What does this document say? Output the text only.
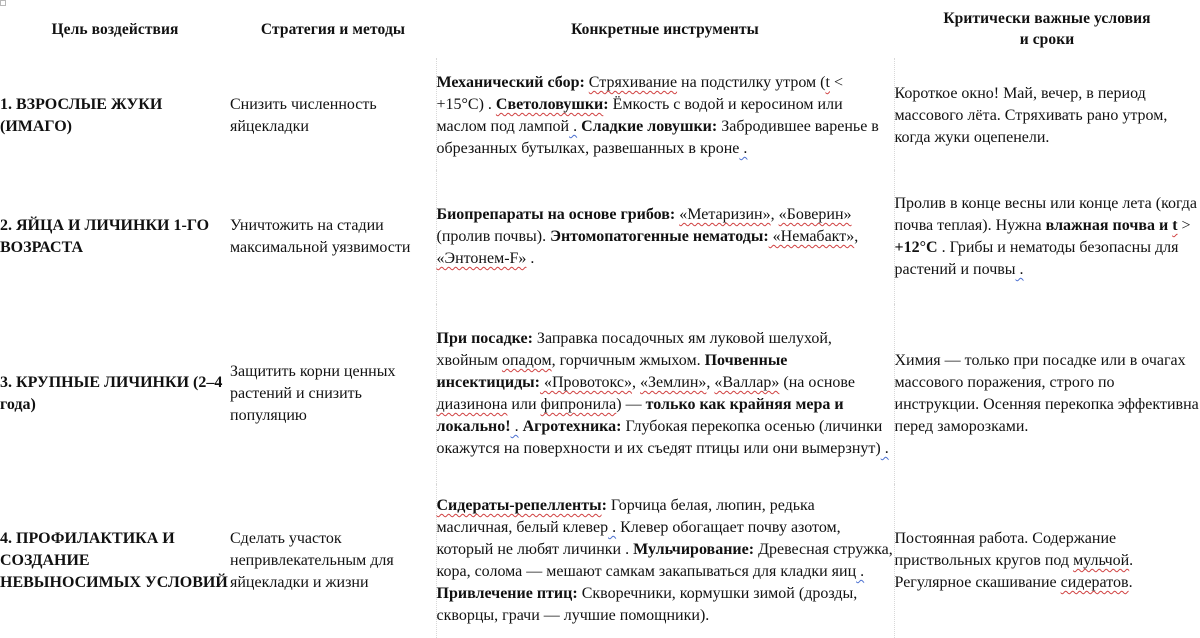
Цель воздействия	Стратегия и методы	Конкретные инструменты	Критически важные условия
и сроки

1. ВЗРОСЛЫЕ ЖУКИ (ИМАГО)	Снизить численность яйцекладки	Механический сбор: Стряхивание на подстилку утром (t < +15°C) . Светоловушки: Ёмкость с водой и керосином или маслом под лампой . Сладкие ловушки: Забродившее варенье в обрезанных бутылках, развешанных в кроне .	Короткое окно! Май, вечер, в период массового лёта. Стряхивать рано утром, когда жуки оцепенели.
2. ЯЙЦА И ЛИЧИНКИ 1-ГО ВОЗРАСТА	Уничтожить на стадии максимальной уязвимости	Биопрепараты на основе грибов: «Метаризин», «Боверин» (пролив почвы). Энтомопатогенные нематоды: «Немабакт», «Энтонем-F» .	Пролив в конце весны или конце лета (когда почва теплая). Нужна влажная почва и t > +12°C . Грибы и нематоды безопасны для растений и почвы .
3. КРУПНЫЕ ЛИЧИНКИ (2–4 года)	Защитить корни ценных растений и снизить популяцию	При посадке: Заправка посадочных ям луковой шелухой, хвойным опадом, горчичным жмыхом. Почвенные инсектициды: «Провотокс», «Землин», «Валлар» (на основе диазинона или фипронила) — только как крайняя мера и локально! . Агротехника: Глубокая перекопка осенью (личинки окажутся на поверхности и их съедят птицы или они вымерзнут) .	Химия — только при посадке или в очагах массового поражения, строго по инструкции. Осенняя перекопка эффективна перед заморозками.
4. ПРОФИЛАКТИКА И СОЗДАНИЕ НЕВЫНОСИМЫХ УСЛОВИЙ	Сделать участок непривлекательным для яйцекладки и жизни	Сидераты-репелленты: Горчица белая, люпин, редька масличная, белый клевер . Клевер обогащает почву азотом, который не любят личинки . Мульчирование: Древесная стружка, кора, солома — мешают самкам закапываться для кладки яиц . Привлечение птиц: Скворечники, кормушки зимой (дрозды, скворцы, грачи — лучшие помощники).	Постоянная работа. Содержание приствольных кругов под мульчой. Регулярное скашивание сидератов.
